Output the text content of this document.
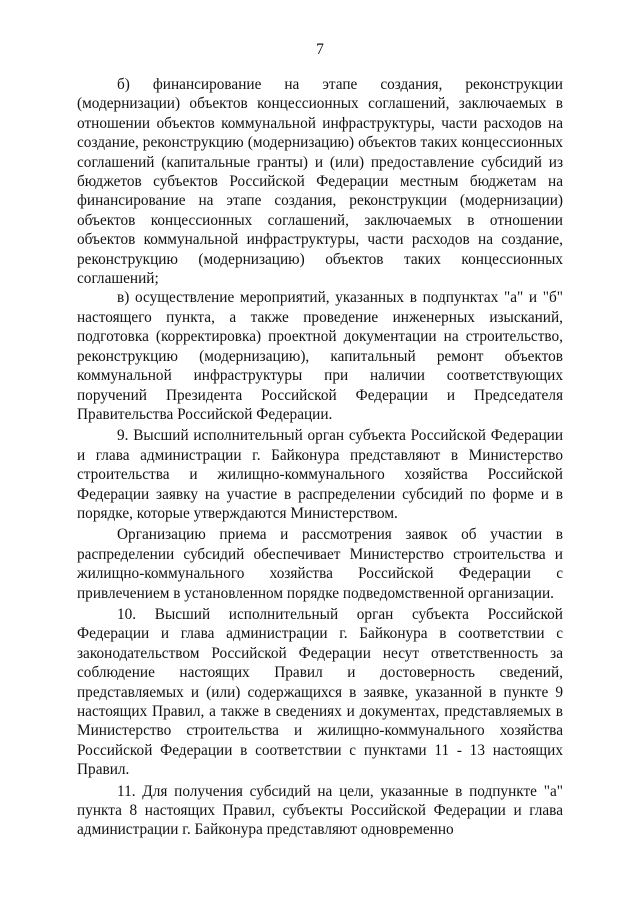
7

б) финансирование на этапе создания, реконструкции (модернизации) объектов концессионных соглашений, заключаемых в отношении объектов коммунальной инфраструктуры, части расходов на создание, реконструкцию (модернизацию) объектов таких концессионных соглашений (капитальные гранты) и (или) предоставление субсидий из бюджетов субъектов Российской Федерации местным бюджетам на финансирование на этапе создания, реконструкции (модернизации) объектов концессионных соглашений, заключаемых в отношении объектов коммунальной инфраструктуры, части расходов на создание, реконструкцию (модернизацию) объектов таких концессионных соглашений;

в) осуществление мероприятий, указанных в подпунктах "а" и "б" настоящего пункта, а также проведение инженерных изысканий, подготовка (корректировка) проектной документации на строительство, реконструкцию (модернизацию), капитальный ремонт объектов коммунальной инфраструктуры при наличии соответствующих поручений Президента Российской Федерации и Председателя Правительства Российской Федерации.

9. Высший исполнительный орган субъекта Российской Федерации и глава администрации г. Байконура представляют в Министерство строительства и жилищно-коммунального хозяйства Российской Федерации заявку на участие в распределении субсидий по форме и в порядке, которые утверждаются Министерством.

Организацию приема и рассмотрения заявок об участии в распределении субсидий обеспечивает Министерство строительства и жилищно-коммунального хозяйства Российской Федерации с привлечением в установленном порядке подведомственной организации.

10. Высший исполнительный орган субъекта Российской Федерации и глава администрации г. Байконура в соответствии с законодательством Российской Федерации несут ответственность за соблюдение настоящих Правил и достоверность сведений, представляемых и (или) содержащихся в заявке, указанной в пункте 9 настоящих Правил, а также в сведениях и документах, представляемых в Министерство строительства и жилищно-коммунального хозяйства Российской Федерации в соответствии с пунктами 11 - 13 настоящих Правил.

11. Для получения субсидий на цели, указанные в подпункте "а" пункта 8 настоящих Правил, субъекты Российской Федерации и глава администрации г. Байконура представляют одновременно
